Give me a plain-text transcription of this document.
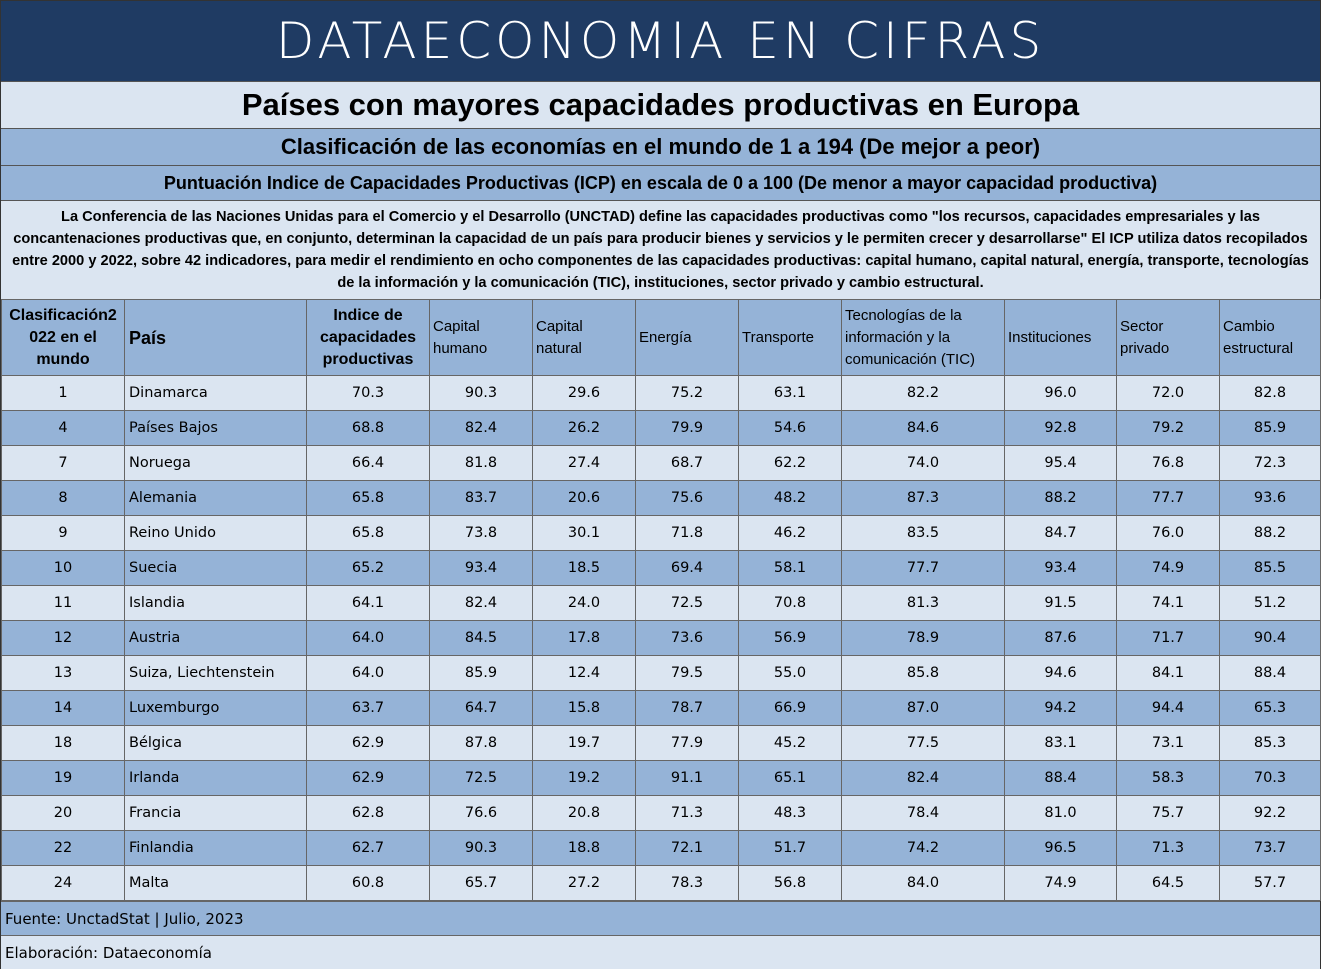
DATAECONOMIA EN CIFRAS
Países con mayores capacidades productivas en Europa
Clasificación de las economías en el mundo de 1 a 194 (De mejor a peor)
Puntuación Indice de Capacidades Productivas (ICP) en escala de 0 a 100 (De menor a mayor capacidad productiva)
La Conferencia de las Naciones Unidas para el Comercio y el Desarrollo (UNCTAD) define las capacidades productivas como "los recursos, capacidades empresariales y las concantenaciones productivas que, en conjunto, determinan la capacidad de un país para producir bienes y servicios y le permiten crecer y desarrollarse" El ICP utiliza datos recopilados entre 2000 y 2022, sobre 42 indicadores, para medir el rendimiento en ocho componentes de las capacidades productivas: capital humano, capital natural, energía, transporte, tecnologías de la información y la comunicación (TIC), instituciones, sector privado y cambio estructural.
Clasificación2 022 en el mundo	País	Indice de capacidades productivas	Capital humano	Capital natural	Energía	Transporte	Tecnologías de la información y la comunicación (TIC)	Instituciones	Sector privado	Cambio estructural
1	Dinamarca	70.3	90.3	29.6	75.2	63.1	82.2	96.0	72.0	82.8
4	Países Bajos	68.8	82.4	26.2	79.9	54.6	84.6	92.8	79.2	85.9
7	Noruega	66.4	81.8	27.4	68.7	62.2	74.0	95.4	76.8	72.3
8	Alemania	65.8	83.7	20.6	75.6	48.2	87.3	88.2	77.7	93.6
9	Reino Unido	65.8	73.8	30.1	71.8	46.2	83.5	84.7	76.0	88.2
10	Suecia	65.2	93.4	18.5	69.4	58.1	77.7	93.4	74.9	85.5
11	Islandia	64.1	82.4	24.0	72.5	70.8	81.3	91.5	74.1	51.2
12	Austria	64.0	84.5	17.8	73.6	56.9	78.9	87.6	71.7	90.4
13	Suiza, Liechtenstein	64.0	85.9	12.4	79.5	55.0	85.8	94.6	84.1	88.4
14	Luxemburgo	63.7	64.7	15.8	78.7	66.9	87.0	94.2	94.4	65.3
18	Bélgica	62.9	87.8	19.7	77.9	45.2	77.5	83.1	73.1	85.3
19	Irlanda	62.9	72.5	19.2	91.1	65.1	82.4	88.4	58.3	70.3
20	Francia	62.8	76.6	20.8	71.3	48.3	78.4	81.0	75.7	92.2
22	Finlandia	62.7	90.3	18.8	72.1	51.7	74.2	96.5	71.3	73.7
24	Malta	60.8	65.7	27.2	78.3	56.8	84.0	74.9	64.5	57.7
Fuente: UnctadStat | Julio, 2023
Elaboración: Dataeconomía
